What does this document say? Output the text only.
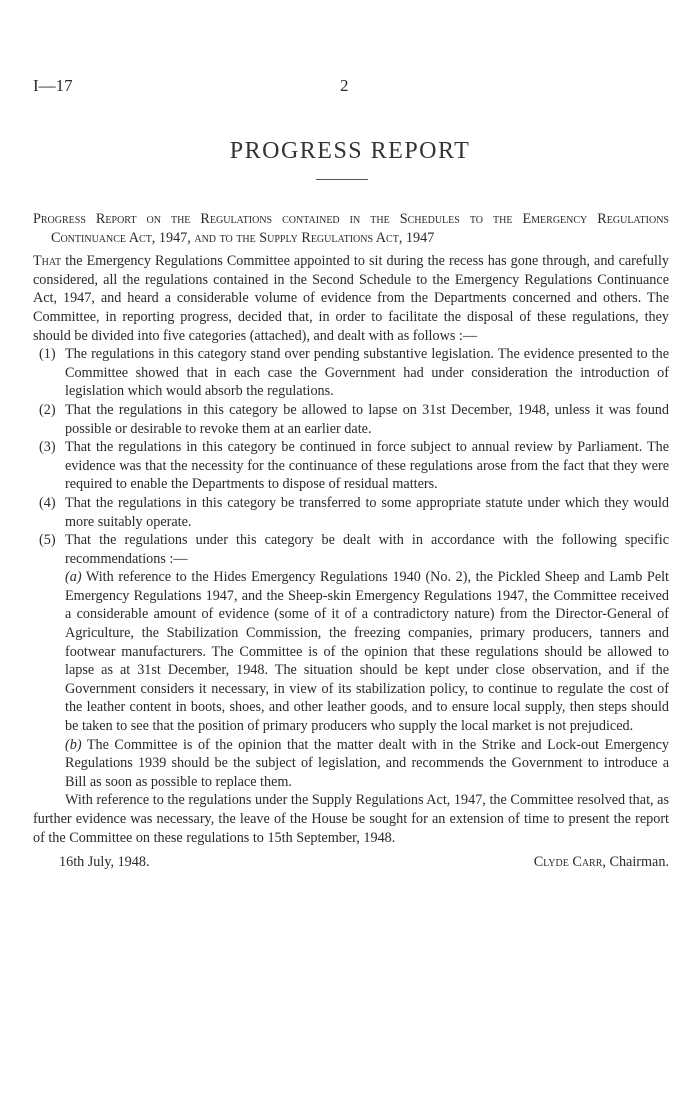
I—17	2
PROGRESS REPORT

Progress Report on the Regulations contained in the Schedules to the Emergency Regulations Continuance Act, 1947, and to the Supply Regulations Act, 1947

That the Emergency Regulations Committee appointed to sit during the recess has gone through, and carefully considered, all the regulations contained in the Second Schedule to the Emergency Regulations Continuance Act, 1947, and heard a considerable volume of evidence from the Departments concerned and others. The Committee, in reporting progress, decided that, in order to facilitate the disposal of these regulations, they should be divided into five categories (attached), and dealt with as follows :—

(1) The regulations in this category stand over pending substantive legislation. The evidence presented to the Committee showed that in each case the Government had under consideration the introduction of legislation which would absorb the regulations.
(2) That the regulations in this category be allowed to lapse on 31st December, 1948, unless it was found possible or desirable to revoke them at an earlier date.
(3) That the regulations in this category be continued in force subject to annual review by Parliament. The evidence was that the necessity for the continuance of these regulations arose from the fact that they were required to enable the Departments to dispose of residual matters.
(4) That the regulations in this category be transferred to some appropriate statute under which they would more suitably operate.
(5) That the regulations under this category be dealt with in accordance with the following specific recommendations :—

(a) With reference to the Hides Emergency Regulations 1940 (No. 2), the Pickled Sheep and Lamb Pelt Emergency Regulations 1947, and the Sheep-skin Emergency Regulations 1947, the Committee received a considerable amount of evidence (some of it of a contradictory nature) from the Director-General of Agriculture, the Stabilization Commission, the freezing companies, primary producers, tanners and footwear manufacturers. The Committee is of the opinion that these regulations should be allowed to lapse as at 31st December, 1948. The situation should be kept under close observation, and if the Government considers it necessary, in view of its stabilization policy, to continue to regulate the cost of the leather content in boots, shoes, and other leather goods, and to ensure local supply, then steps should be taken to see that the position of primary producers who supply the local market is not prejudiced.

(b) The Committee is of the opinion that the matter dealt with in the Strike and Lock-out Emergency Regulations 1939 should be the subject of legislation, and recommends the Government to introduce a Bill as soon as possible to replace them.

With reference to the regulations under the Supply Regulations Act, 1947, the Committee resolved that, as further evidence was necessary, the leave of the House be sought for an extension of time to present the report of the Committee on these regulations to 15th September, 1948.

16th July, 1948.	Clyde Carr, Chairman.
